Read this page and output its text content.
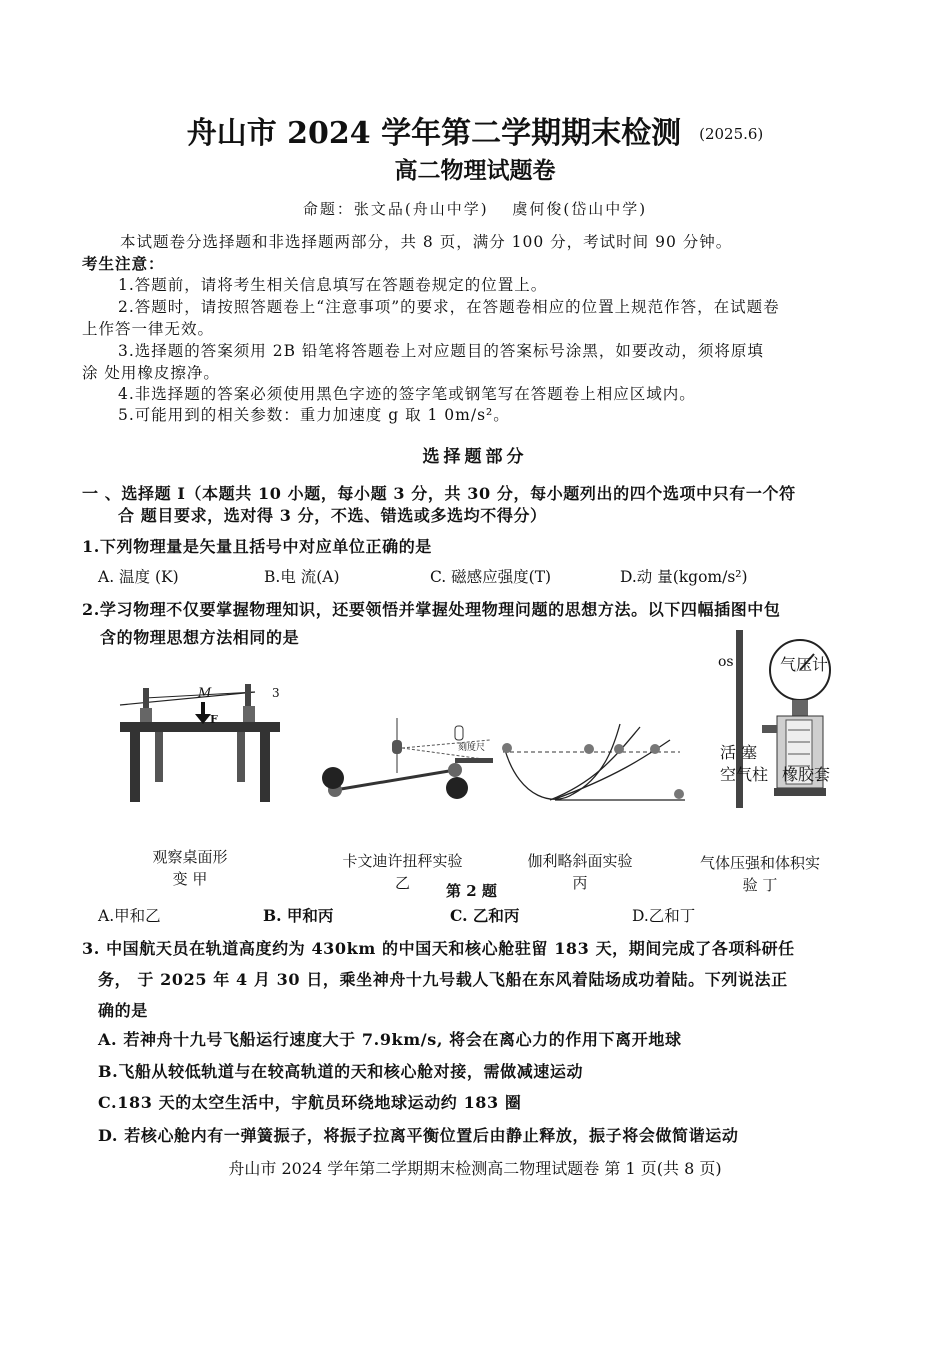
舟山市 2024 学年第二学期期末检测 (2025.6)
高二物理试题卷
命题：张文品(舟山中学)　 虞何俊(岱山中学)
本试题卷分选择题和非选择题两部分，共 8 页，满分 100 分，考试时间 90 分钟。
考生注意：
1.答题前，请将考生相关信息填写在答题卷规定的位置上。
2.答题时，请按照答题卷上“注意事项”的要求，在答题卷相应的位置上规范作答，在试题卷
上作答一律无效。
3.选择题的答案须用 2B 铅笔将答题卷上对应题目的答案标号涂黑，如要改动，须将原填
涂 处用橡皮擦净。
4.非选择题的答案必须使用黑色字迹的签字笔或钢笔写在答题卷上相应区域内。
5.可能用到的相关参数：重力加速度 g 取 1 0m/s²。
选择题部分
一 、选择题 I（本题共 10 小题，每小题 3 分，共 30 分，每小题列出的四个选项中只有一个符
合 题目要求，选对得 3 分，不选、错选或多选均不得分）
1.下列物理量是矢量且括号中对应单位正确的是
A. 温度 (K)	B.电 流(A)	C. 磁感应强度(T)	D.动 量(kgom/s²)
2.学习物理不仅要掌握物理知识，还要领悟并掌握处理物理问题的思想方法。以下四幅插图中包
含的物理思想方法相同的是
M	3
F
刻度尺
os	气压计
活 塞
空气柱 橡胶套
观察桌面形
变 甲
卡文迪许扭秤实验
乙
伽利略斜面实验
丙
气体压强和体积实
验 丁
第 2 题
A.甲和乙	B. 甲和丙	C. 乙和丙	D.乙和丁
3. 中国航天员在轨道高度约为 430km 的中国天和核心舱驻留 183 天，期间完成了各项科研任
务， 于 2025 年 4 月 30 日，乘坐神舟十九号载人飞船在东风着陆场成功着陆。下列说法正
确的是
A. 若神舟十九号飞船运行速度大于 7.9km/s, 将会在离心力的作用下离开地球
B.飞船从较低轨道与在较高轨道的天和核心舱对接，需做减速运动
C.183 天的太空生活中，宇航员环绕地球运动约 183 圈
D. 若核心舱内有一弹簧振子，将振子拉离平衡位置后由静止释放，振子将会做简谐运动
舟山市 2024 学年第二学期期末检测高二物理试题卷 第 1 页(共 8 页)
